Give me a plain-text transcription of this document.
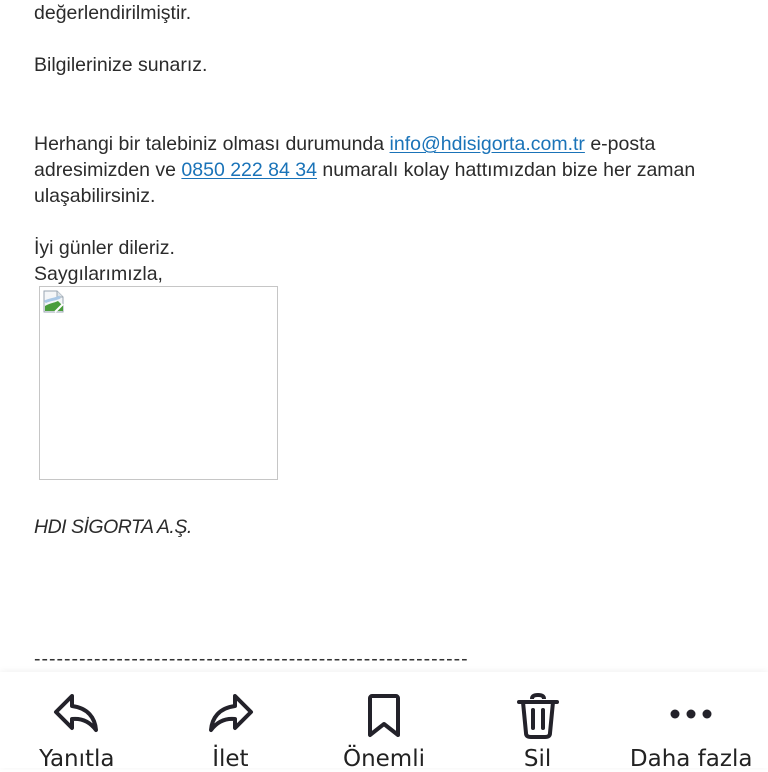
değerlendirilmiştir.
Bilgilerinize sunarız.
Herhangi bir talebiniz olması durumunda info@hdisigorta.com.tr e-posta
adresimizden ve 0850 222 84 34 numaralı kolay hattımızdan bize her zaman
ulaşabilirsiniz.
İyi günler dileriz.
Saygılarımızla,
HDI SİGORTA A.Ş.
----------------------------------------------------------
Yanıtla	İlet	Önemli	Sil	Daha fazla
